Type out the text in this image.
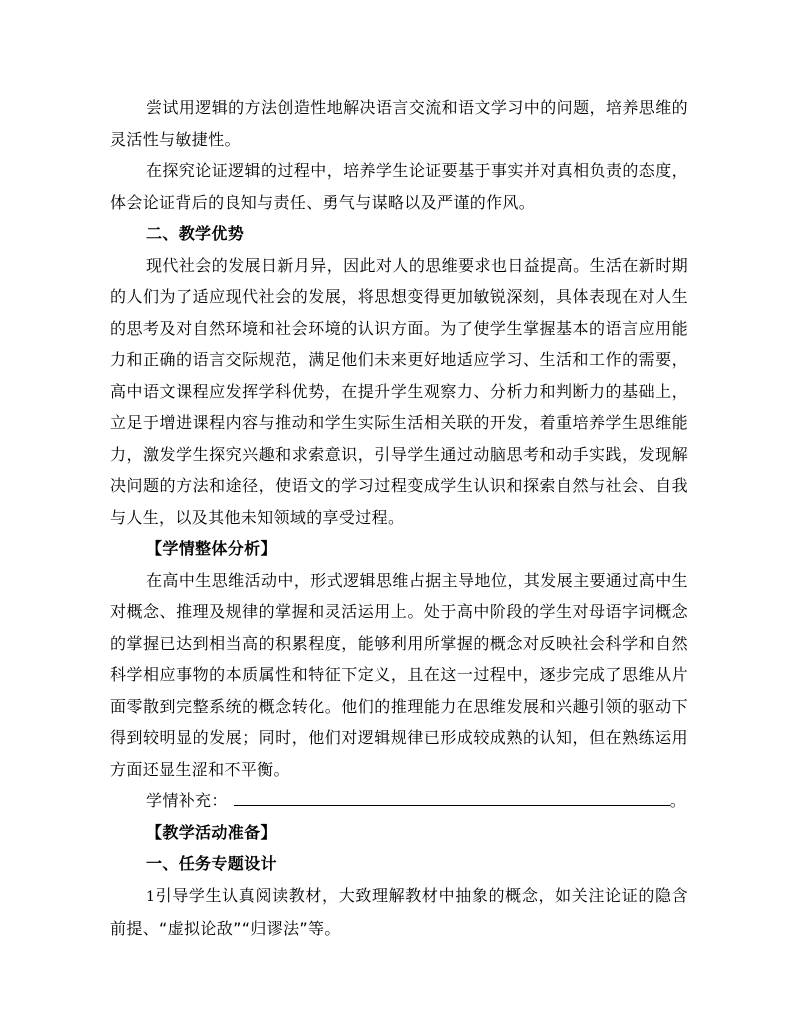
尝试用逻辑的方法创造性地解决语言交流和语文学习中的问题，培养思维的灵活性与敏捷性。

在探究论证逻辑的过程中，培养学生论证要基于事实并对真相负责的态度，体会论证背后的良知与责任、勇气与谋略以及严谨的作风。

二、教学优势

现代社会的发展日新月异，因此对人的思维要求也日益提高。生活在新时期的人们为了适应现代社会的发展，将思想变得更加敏锐深刻，具体表现在对人生的思考及对自然环境和社会环境的认识方面。为了使学生掌握基本的语言应用能力和正确的语言交际规范，满足他们未来更好地适应学习、生活和工作的需要，高中语文课程应发挥学科优势，在提升学生观察力、分析力和判断力的基础上，立足于增进课程内容与推动和学生实际生活相关联的开发，着重培养学生思维能力，激发学生探究兴趣和求索意识，引导学生通过动脑思考和动手实践，发现解决问题的方法和途径，使语文的学习过程变成学生认识和探索自然与社会、自我与人生，以及其他未知领域的享受过程。

【学情整体分析】

在高中生思维活动中，形式逻辑思维占据主导地位，其发展主要通过高中生对概念、推理及规律的掌握和灵活运用上。处于高中阶段的学生对母语字词概念的掌握已达到相当高的积累程度，能够利用所掌握的概念对反映社会科学和自然科学相应事物的本质属性和特征下定义，且在这一过程中，逐步完成了思维从片面零散到完整系统的概念转化。他们的推理能力在思维发展和兴趣引领的驱动下得到较明显的发展；同时，他们对逻辑规律已形成较成熟的认知，但在熟练运用方面还显生涩和不平衡。

学情补充：	。

【教学活动准备】

一、任务专题设计

1引导学生认真阅读教材，大致理解教材中抽象的概念，如关注论证的隐含前提、“虚拟论敌”“归谬法”等。
